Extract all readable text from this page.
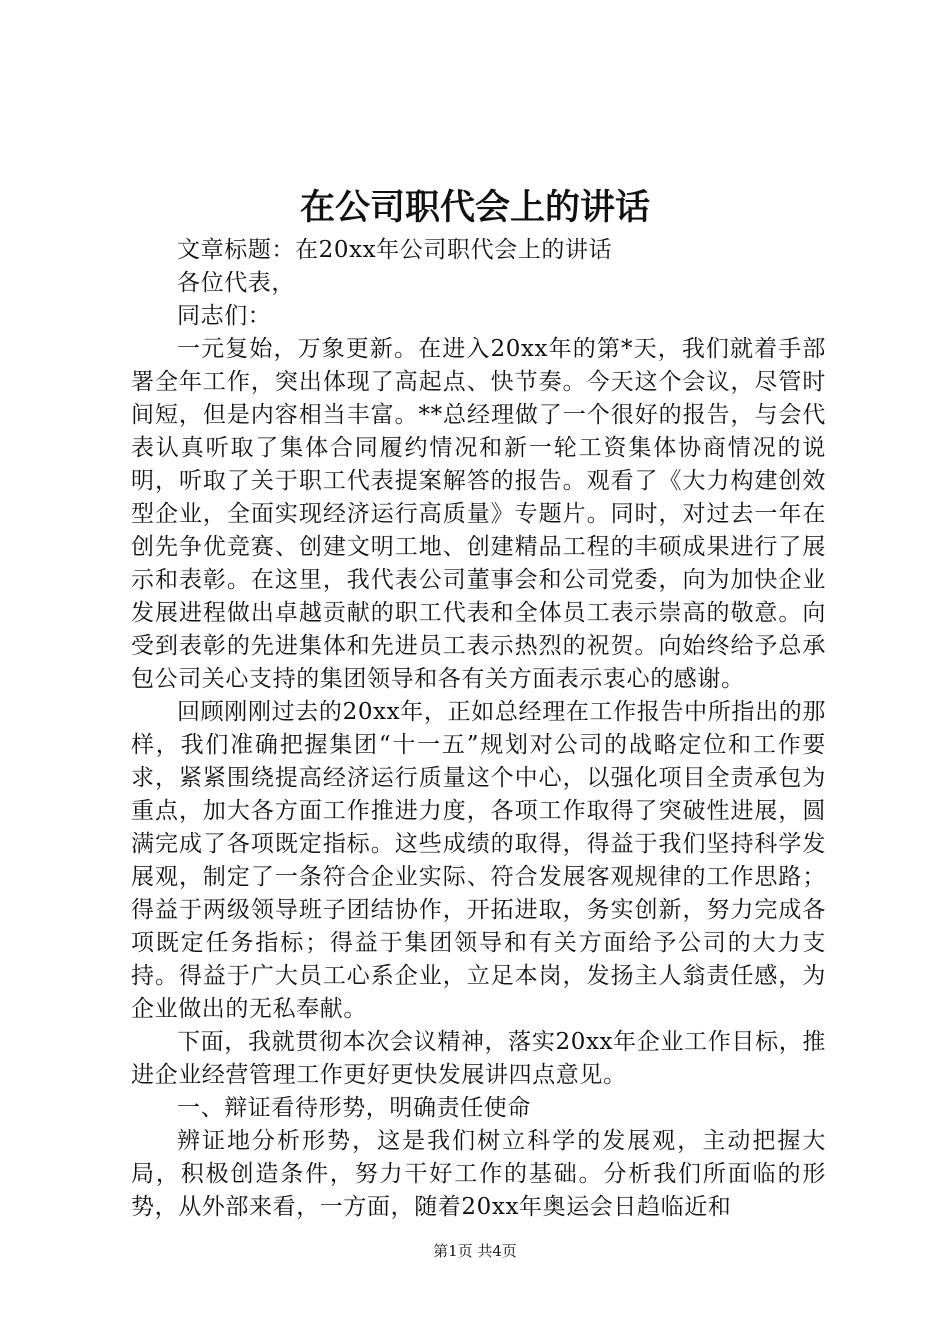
在公司职代会上的讲话

文章标题：在20xx年公司职代会上的讲话

各位代表，

同志们：

一元复始，万象更新。在进入20xx年的第*天，我们就着手部署全年工作，突出体现了高起点、快节奏。今天这个会议，尽管时间短，但是内容相当丰富。**总经理做了一个很好的报告，与会代表认真听取了集体合同履约情况和新一轮工资集体协商情况的说明，听取了关于职工代表提案解答的报告。观看了《大力构建创效型企业，全面实现经济运行高质量》专题片。同时，对过去一年在创先争优竞赛、创建文明工地、创建精品工程的丰硕成果进行了展示和表彰。在这里，我代表公司董事会和公司党委，向为加快企业发展进程做出卓越贡献的职工代表和全体员工表示崇高的敬意。向受到表彰的先进集体和先进员工表示热烈的祝贺。向始终给予总承包公司关心支持的集团领导和各有关方面表示衷心的感谢。

回顾刚刚过去的20xx年，正如总经理在工作报告中所指出的那样，我们准确把握集团“十一五”规划对公司的战略定位和工作要求，紧紧围绕提高经济运行质量这个中心，以强化项目全责承包为重点，加大各方面工作推进力度，各项工作取得了突破性进展，圆满完成了各项既定指标。这些成绩的取得，得益于我们坚持科学发展观，制定了一条符合企业实际、符合发展客观规律的工作思路；得益于两级领导班子团结协作，开拓进取，务实创新，努力完成各项既定任务指标；得益于集团领导和有关方面给予公司的大力支持。得益于广大员工心系企业，立足本岗，发扬主人翁责任感，为企业做出的无私奉献。

下面，我就贯彻本次会议精神，落实20xx年企业工作目标，推进企业经营管理工作更好更快发展讲四点意见。

一、辩证看待形势，明确责任使命

辨证地分析形势，这是我们树立科学的发展观，主动把握大局，积极创造条件，努力干好工作的基础。分析我们所面临的形势，从外部来看，一方面，随着20xx年奥运会日趋临近和

第1页 共4页
